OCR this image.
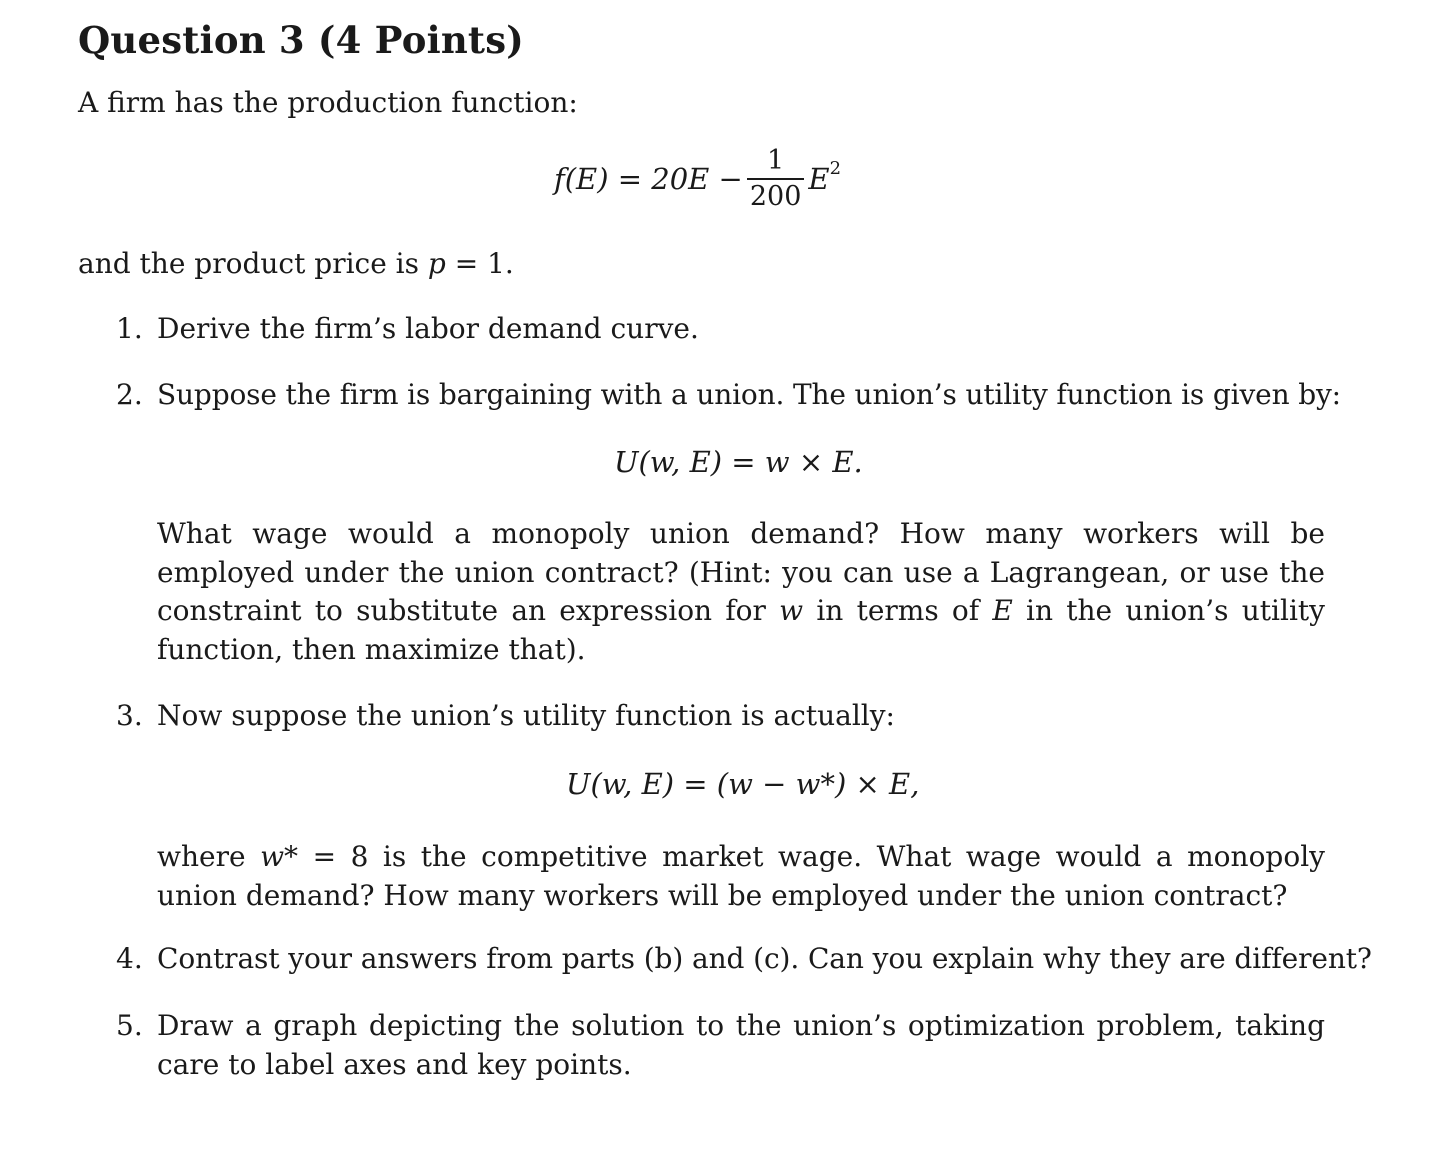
Question 3 (4 Points)
A firm has the production function:
$f(E) = 20E - \frac{1}{200} E^2$
and the product price is p = 1.
1. Derive the firm’s labor demand curve.
2. Suppose the firm is bargaining with a union. The union’s utility function is given by:
U(w, E) = w × E.
What wage would a monopoly union demand? How many workers will be employed under the union contract? (Hint: you can use a Lagrangean, or use the constraint to substitute an expression for w in terms of E in the union’s utility function, then maximize that).
3. Now suppose the union’s utility function is actually:
U(w, E) = (w − w*) × E,
where w* = 8 is the competitive market wage. What wage would a monopoly union demand? How many workers will be employed under the union contract?
4. Contrast your answers from parts (b) and (c). Can you explain why they are different?
5. Draw a graph depicting the solution to the union’s optimization problem, taking care to label axes and key points.
